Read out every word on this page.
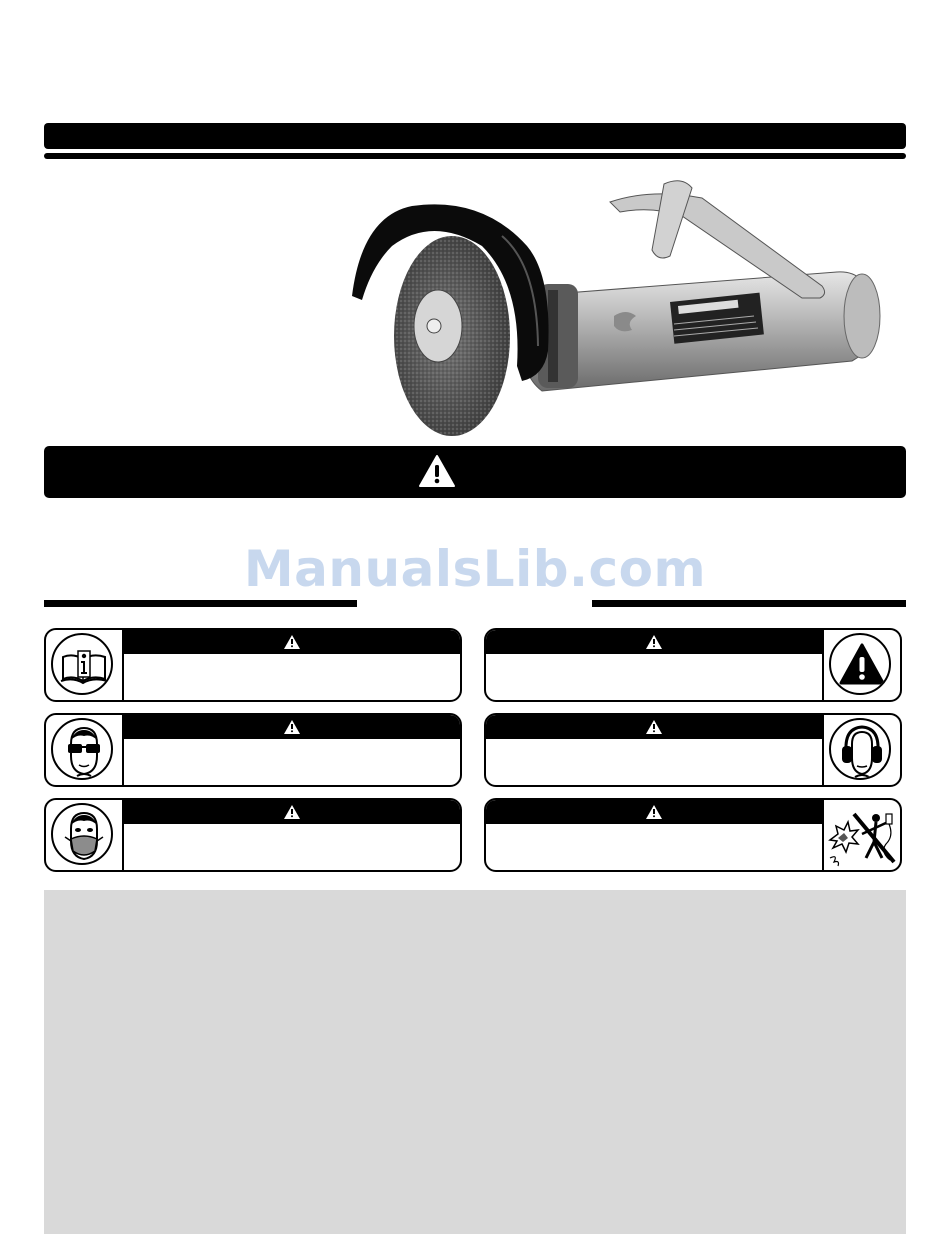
ManualsLib.com
